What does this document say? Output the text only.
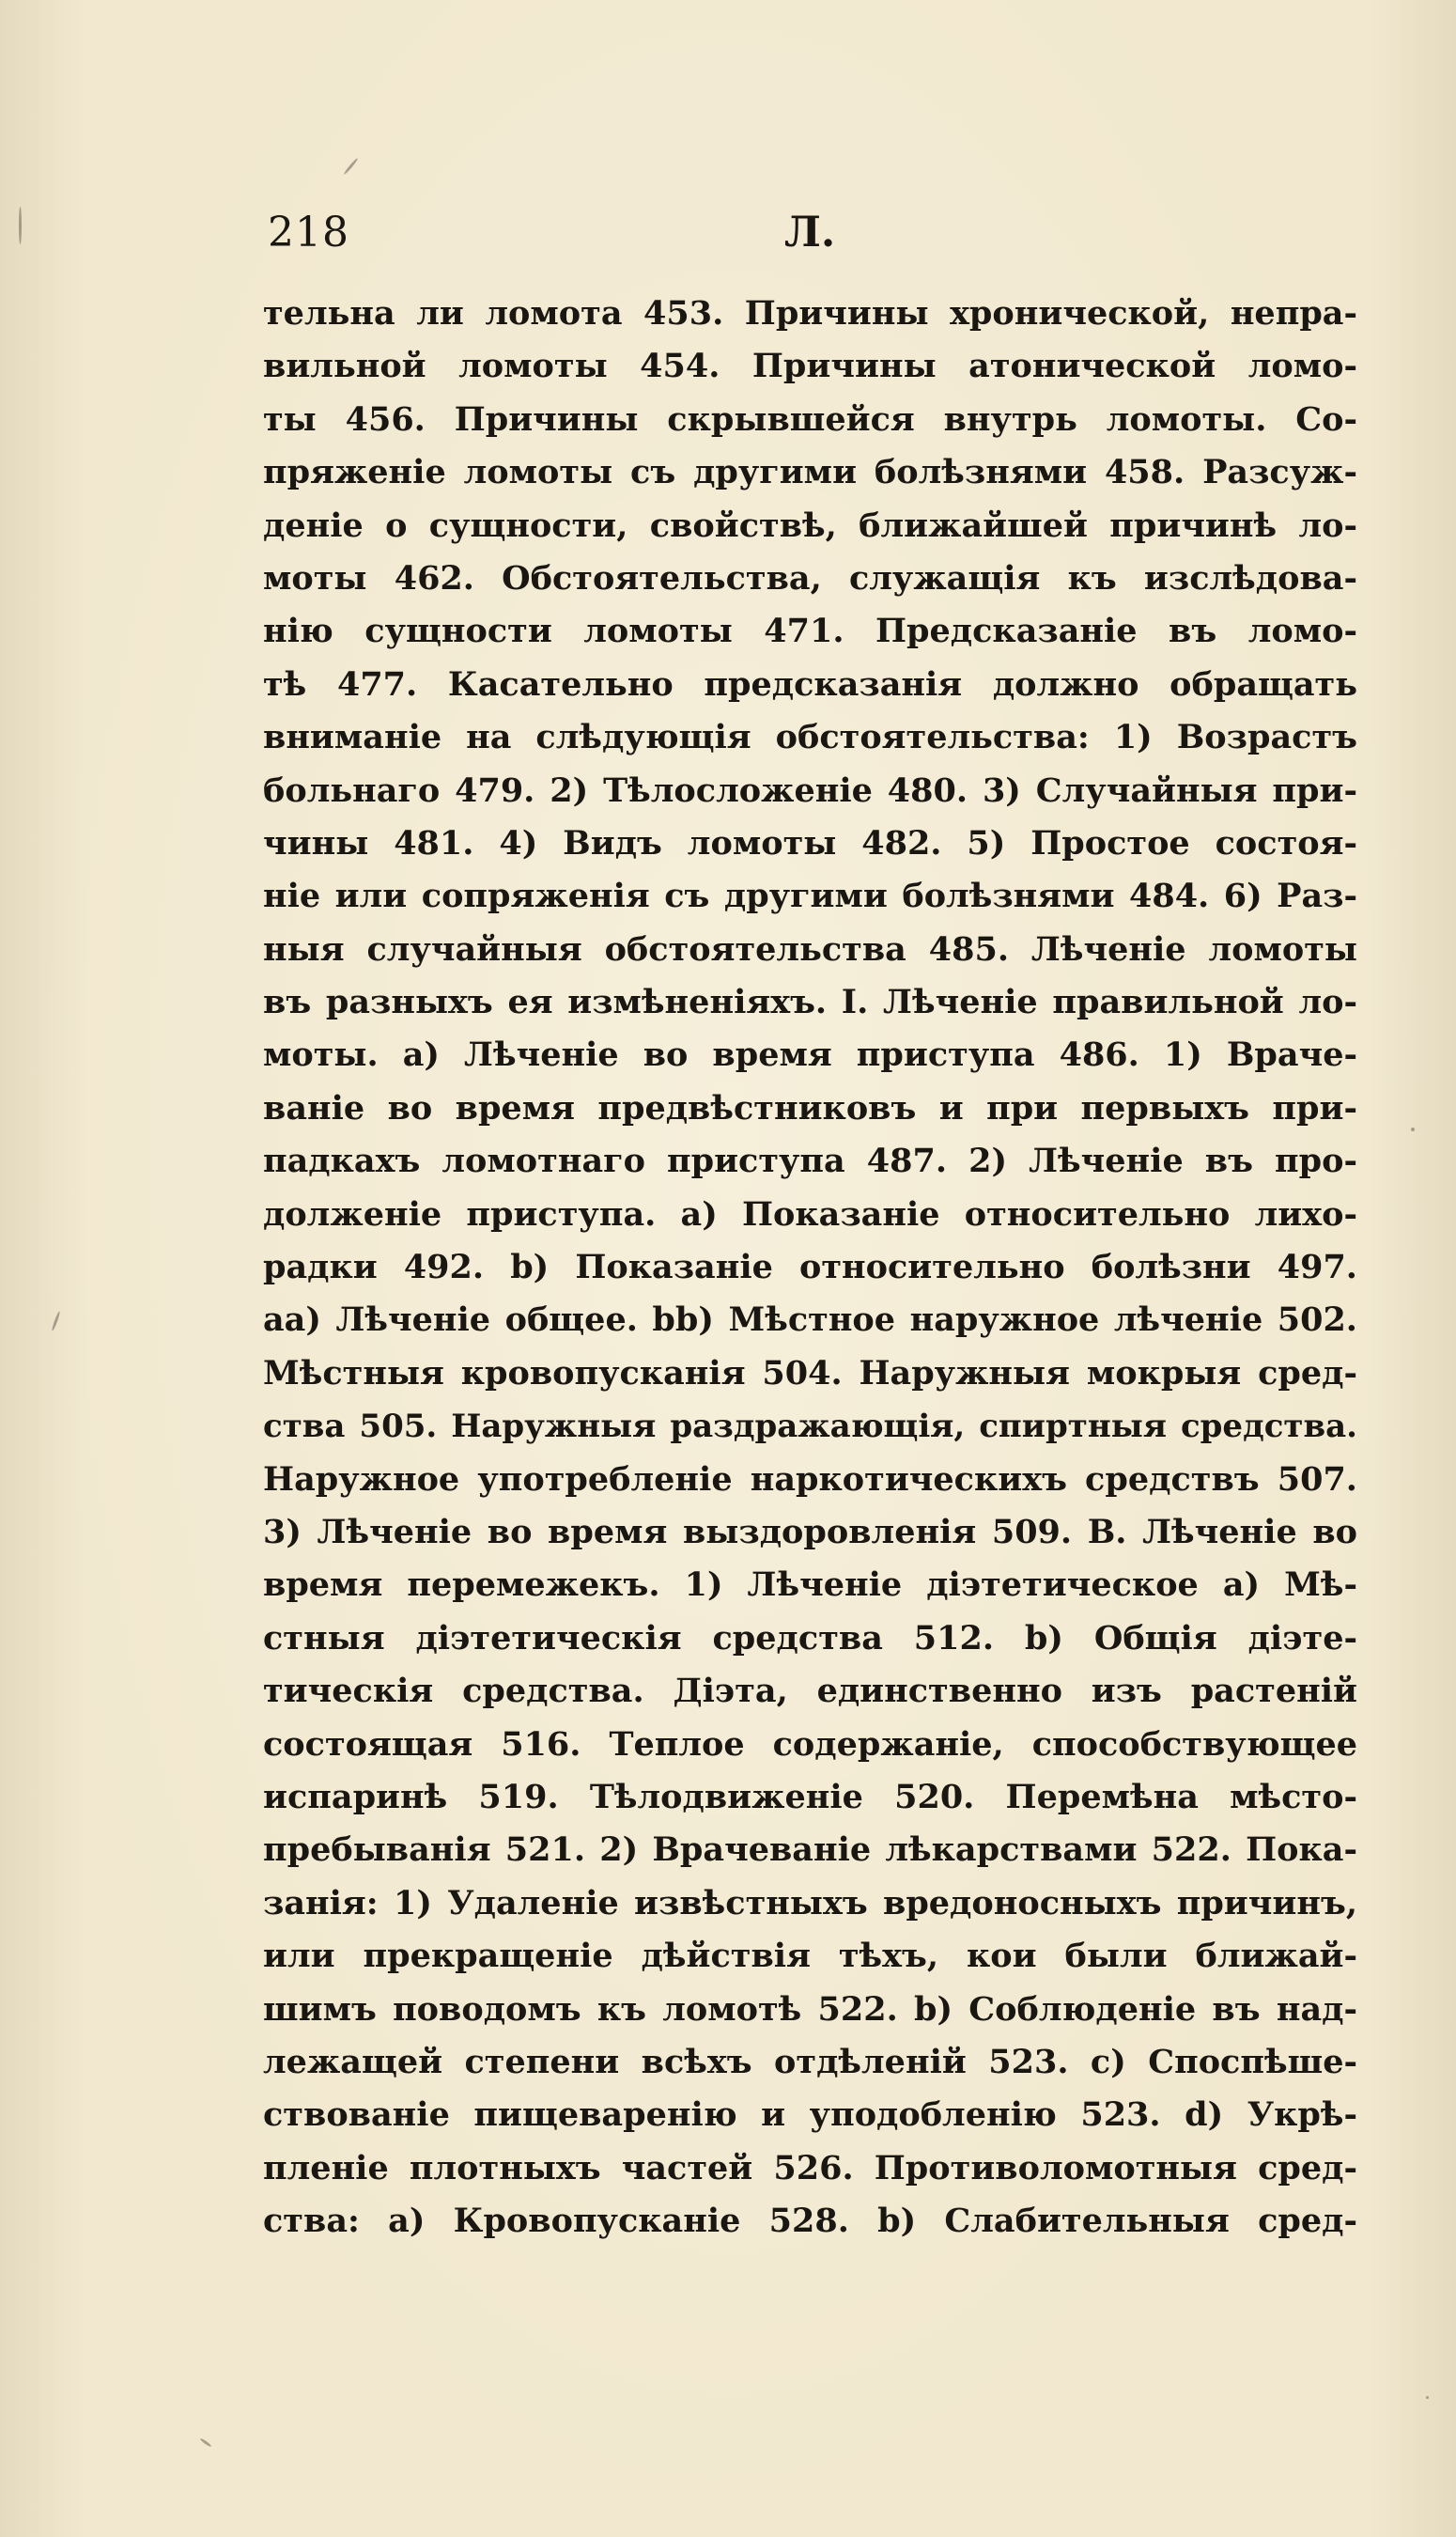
218	Л.
тельна ли ломота 453. Причины хронической, непра-
вильной ломоты 454. Причины атонической ломо-
ты 456. Причины скрывшейся внутрь ломоты. Со-
пряженіе ломоты съ другими болѣзнями 458. Разсуж-
деніе о сущности, свойствѣ, ближайшей причинѣ ло-
моты 462. Обстоятельства, служащія къ изслѣдова-
нію сущности ломоты 471. Предсказаніе въ ломо-
тѣ 477. Касательно предсказанія должно обращать
вниманіе на слѣдующія обстоятельства: 1) Возрастъ
больнаго 479. 2) Тѣлосложеніе 480. 3) Случайныя при-
чины 481. 4) Видъ ломоты 482. 5) Простое состоя-
ніе или сопряженія съ другими болѣзнями 484. 6) Раз-
ныя случайныя обстоятельства 485. Лѣченіе ломоты
въ разныхъ ея измѣненіяхъ. I. Лѣченіе правильной ло-
моты. а) Лѣченіе во время приступа 486. 1) Враче-
ваніе во время предвѣстниковъ и при первыхъ при-
падкахъ ломотнаго приступа 487. 2) Лѣченіе въ про-
долженіе приступа. а) Показаніе относительно лихо-
радки 492. b) Показаніе относительно болѣзни 497.
аа) Лѣченіе общее. bb) Мѣстное наружное лѣченіе 502.
Мѣстныя кровопусканія 504. Наружныя мокрыя сред-
ства 505. Наружныя раздражающія, спиртныя средства.
Наружное употребленіе наркотическихъ средствъ 507.
3) Лѣченіе во время выздоровленія 509. B. Лѣченіе во
время перемежекъ. 1) Лѣченіе діэтетическое а) Мѣ-
стныя діэтетическія средства 512. b) Общія діэте-
тическія средства. Діэта, единственно изъ растеній
состоящая 516. Теплое содержаніе, способствующее
испаринѣ 519. Тѣлодвиженіе 520. Перемѣна мѣсто-
пребыванія 521. 2) Врачеваніе лѣкарствами 522. Пока-
занія: 1) Удаленіе извѣстныхъ вредоносныхъ причинъ,
или прекращеніе дѣйствія тѣхъ, кои были ближай-
шимъ поводомъ къ ломотѣ 522. b) Соблюденіе въ над-
лежащей степени всѣхъ отдѣленій 523. c) Споспѣше-
ствованіе пищеваренію и уподобленію 523. d) Укрѣ-
пленіе плотныхъ частей 526. Противоломотныя сред-
ства: а) Кровопусканіе 528. b) Слабительныя сред-
